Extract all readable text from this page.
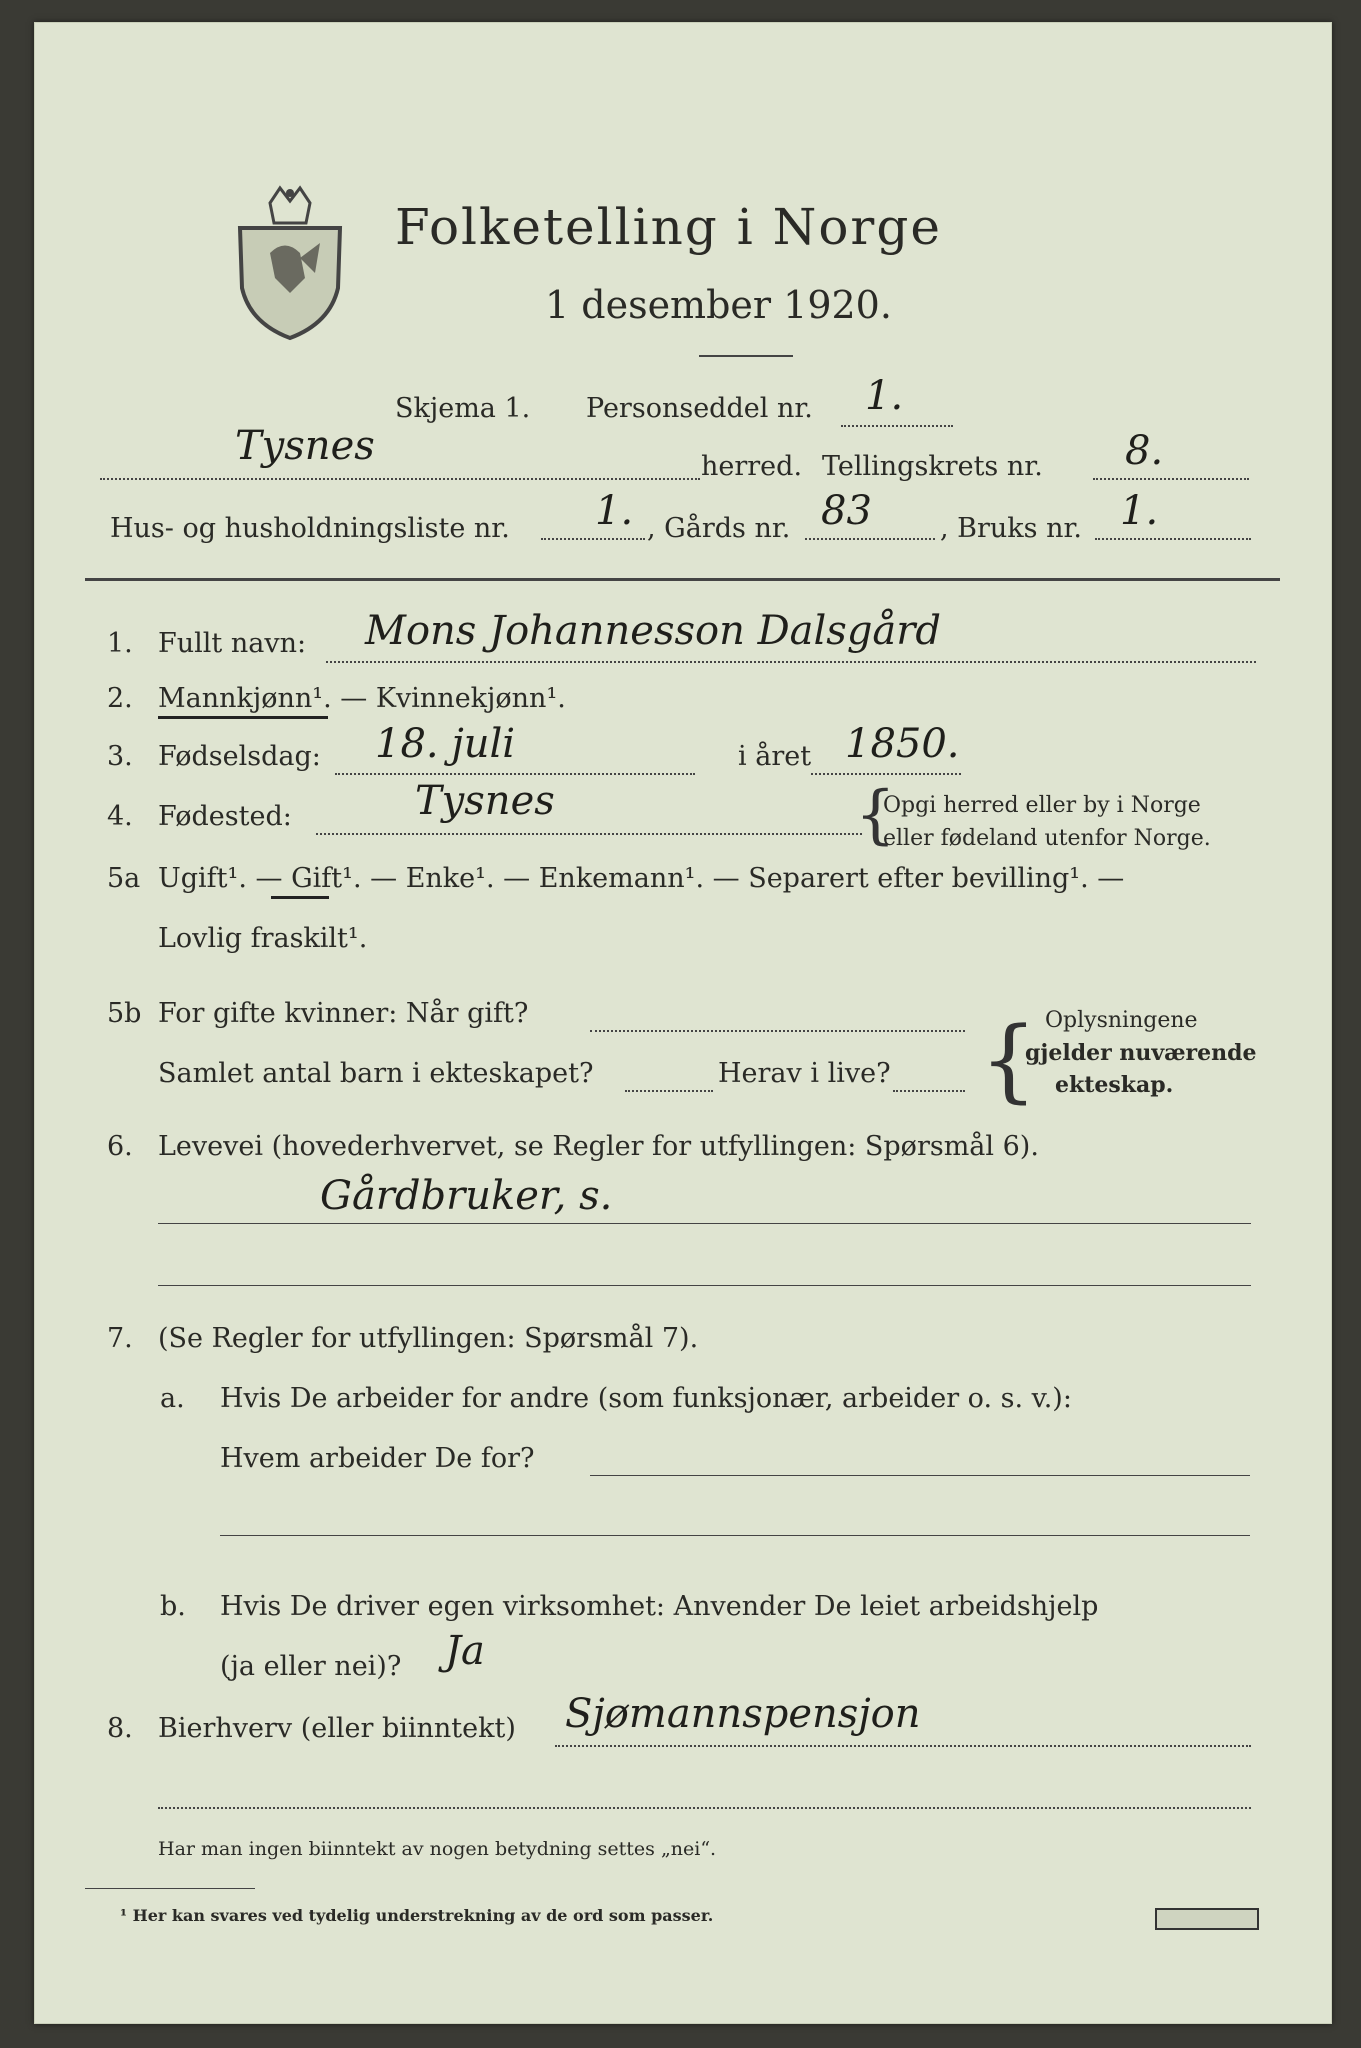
Folketelling i Norge
1 desember 1920.
Skjema 1. Personseddel nr. 1.
Tysnes	herred. Tellingskrets nr. 8.
Hus- og husholdningsliste nr. 1. , Gårds nr. 83	, Bruks nr. 1.
1. Fullt navn: Mons Johannesson Dalsgård
2. Mannkjønn¹. — Kvinnekjønn¹.
3. Fødselsdag: 18. juli	i året 1850.
4. Fødested:	Tysnes	{
Opgi herred eller by i Norge
eller fødeland utenfor Norge.
5a Ugift¹. — Gift¹. — Enke¹. — Enkemann¹. — Separert efter bevilling¹. —
Lovlig fraskilt¹.
5b For gifte kvinner: Når gift?
Samlet antal barn i ekteskapet?	Herav i live? { Oplysningene
gjelder nuværende
ekteskap.
6. Levevei (hovederhvervet, se Regler for utfyllingen: Spørsmål 6).
Gårdbruker, s.
7. (Se Regler for utfyllingen: Spørsmål 7).
a. Hvis De arbeider for andre (som funksjonær, arbeider o. s. v.):
Hvem arbeider De for?
b. Hvis De driver egen virksomhet: Anvender De leiet arbeidshjelp
(ja eller nei)? Ja
8. Bierhverv (eller biinntekt) Sjømannspensjon
Har man ingen biinntekt av nogen betydning settes „nei“.
¹ Her kan svares ved tydelig understrekning av de ord som passer.
